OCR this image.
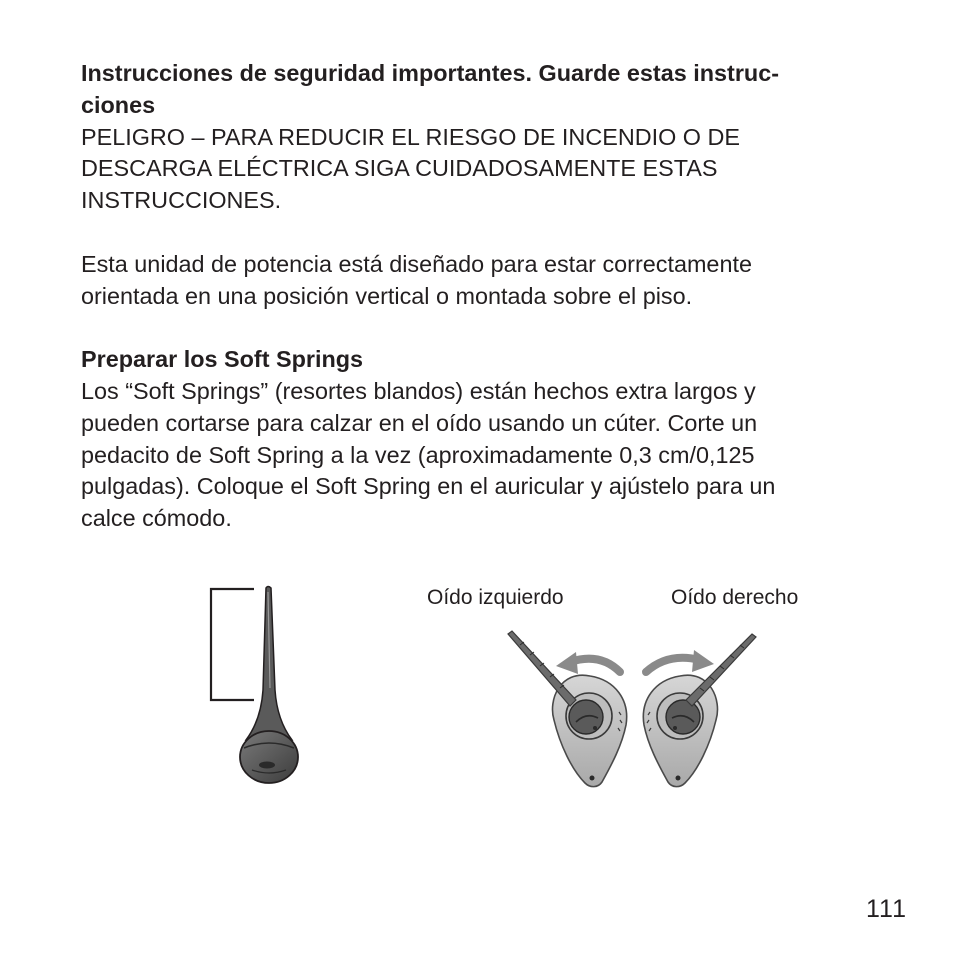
Instrucciones de seguridad importantes. Guarde estas instruc-

ciones

PELIGRO – PARA REDUCIR EL RIESGO DE INCENDIO O DE

DESCARGA ELÉCTRICA SIGA CUIDADOSAMENTE ESTAS

INSTRUCCIONES.

Esta unidad de potencia está diseñado para estar correctamente

orientada en una posición vertical o montada sobre el piso.

Preparar los Soft Springs

Los “Soft Springs” (resortes blandos) están hechos extra largos y

pueden cortarse para calzar en el oído usando un cúter. Corte un

pedacito de Soft Spring a la vez (aproximadamente 0,3 cm/0,125

pulgadas). Coloque el Soft Spring en el auricular y ajústelo para un

calce cómodo.

Oído izquierdo	Oído derecho
111
